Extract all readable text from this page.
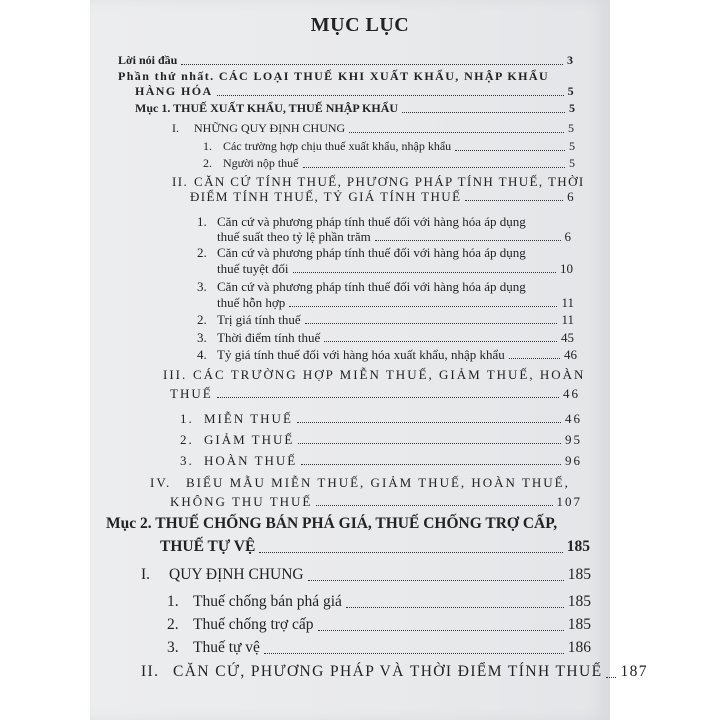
MỤC LỤC
Lời nói đầu	3
Phần thứ nhất. CÁC LOẠI THUẾ KHI XUẤT KHẨU, NHẬP KHẨU
HÀNG HÓA	5
Mục 1. THUẾ XUẤT KHẨU, THUẾ NHẬP KHẨU	5
I.	NHỮNG QUY ĐỊNH CHUNG	5
1. Các trường hợp chịu thuế xuất khẩu, nhập khẩu	5
2. Người nộp thuế	5
II. CĂN CỨ TÍNH THUẾ, PHƯƠNG PHÁP TÍNH THUẾ, THỜI
ĐIỂM TÍNH THUẾ, TỶ GIÁ TÍNH THUẾ	6
1. Căn cứ và phương pháp tính thuế đối với hàng hóa áp dụng
thuế suất theo tỷ lệ phần trăm	6
2. Căn cứ và phương pháp tính thuế đối với hàng hóa áp dụng
thuế tuyệt đối	10
3. Căn cứ và phương pháp tính thuế đối với hàng hóa áp dụng
thuế hỗn hợp	11
2. Trị giá tính thuế	11
3. Thời điểm tính thuế	45
4. Tỷ giá tính thuế đối với hàng hóa xuất khẩu, nhập khẩu	46
III. CÁC TRƯỜNG HỢP MIỄN THUẾ, GIẢM THUẾ, HOÀN
THUẾ	46
1. MIỄN THUẾ	46
2. GIẢM THUẾ	95
3. HOÀN THUẾ	96
IV. BIỂU MẪU MIỄN THUẾ, GIẢM THUẾ, HOÀN THUẾ,
KHÔNG THU THUẾ	107
Mục 2. THUẾ CHỐNG BÁN PHÁ GIÁ, THUẾ CHỐNG TRỢ CẤP,
THUẾ TỰ VỆ	185
I.	QUY ĐỊNH CHUNG	185
1. Thuế chống bán phá giá	185
2. Thuế chống trợ cấp	185
3. Thuế tự vệ	186
II. CĂN CỨ, PHƯƠNG PHÁP VÀ THỜI ĐIỂM TÍNH THUẾ 187
